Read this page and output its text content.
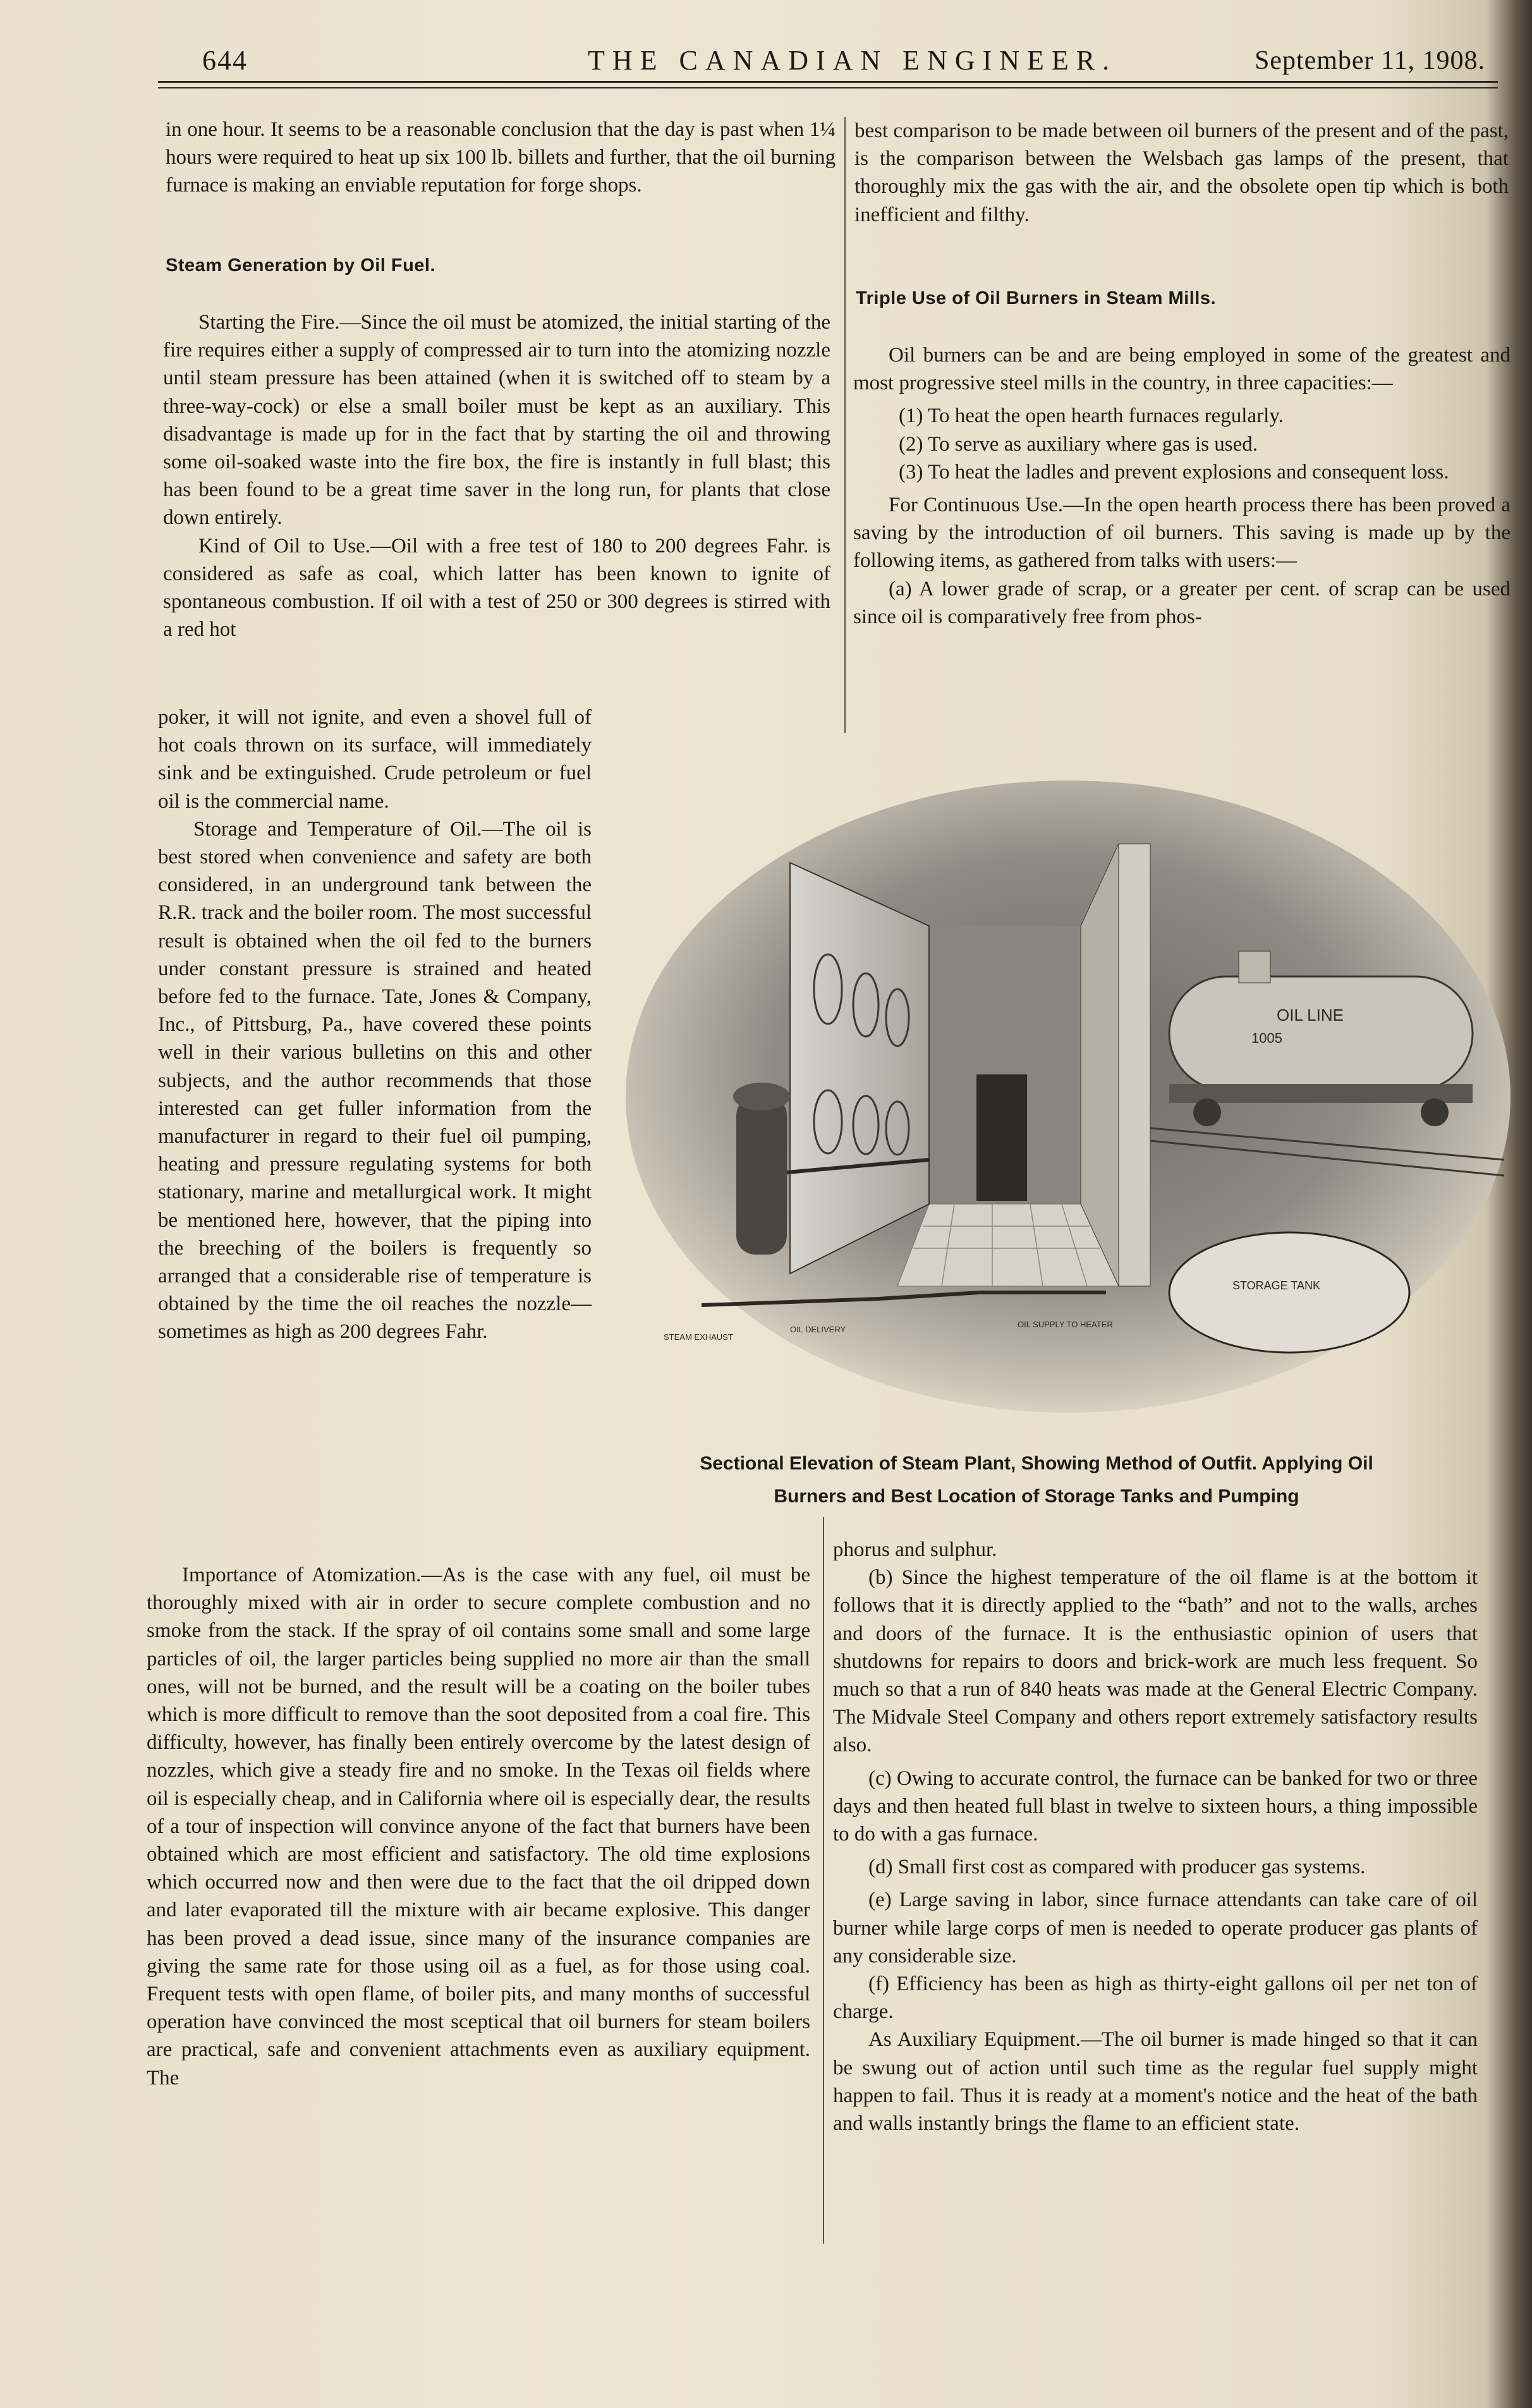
644	THE CANADIAN ENGINEER.	September 11, 1908.

in one hour. It seems to be a reasonable conclusion that the day is past when 1¼ hours were required to heat up six 100 lb. billets and further, that the oil burning furnace is making an enviable reputation for forge shops.

Steam Generation by Oil Fuel.

Starting the Fire.—Since the oil must be atomized, the initial starting of the fire requires either a supply of compressed air to turn into the atomizing nozzle until steam pressure has been attained (when it is switched off to steam by a three-way-cock) or else a small boiler must be kept as an auxiliary. This disadvantage is made up for in the fact that by starting the oil and throwing some oil-soaked waste into the fire box, the fire is instantly in full blast; this has been found to be a great time saver in the long run, for plants that close down entirely.

Kind of Oil to Use.—Oil with a free test of 180 to 200 degrees Fahr. is considered as safe as coal, which latter has been known to ignite of spontaneous combustion. If oil with a test of 250 or 300 degrees is stirred with a red hot

poker, it will not ignite, and even a shovel full of hot coals thrown on its surface, will immediately sink and be extinguished. Crude petroleum or fuel oil is the commercial name.

Storage and Temperature of Oil.—The oil is best stored when convenience and safety are both considered, in an underground tank between the R.R. track and the boiler room. The most successful result is obtained when the oil fed to the burners under constant pressure is strained and heated before fed to the furnace. Tate, Jones & Company, Inc., of Pittsburg, Pa., have covered these points well in their various bulletins on this and other subjects, and the author recommends that those interested can get fuller information from the manufacturer in regard to their fuel oil pumping, heating and pressure regulating systems for both stationary, marine and metallurgical work. It might be mentioned here, however, that the piping into the breeching of the boilers is frequently so arranged that a considerable rise of temperature is obtained by the time the oil reaches the nozzle—sometimes as high as 200 degrees Fahr.

Importance of Atomization.—As is the case with any fuel, oil must be thoroughly mixed with air in order to secure complete combustion and no smoke from the stack. If the spray of oil contains some small and some large particles of oil, the larger particles being supplied no more air than the small ones, will not be burned, and the result will be a coating on the boiler tubes which is more difficult to remove than the soot deposited from a coal fire. This difficulty, however, has finally been entirely overcome by the latest design of nozzles, which give a steady fire and no smoke. In the Texas oil fields where oil is especially cheap, and in California where oil is especially dear, the results of a tour of inspection will convince anyone of the fact that burners have been obtained which are most efficient and satisfactory. The old time explosions which occurred now and then were due to the fact that the oil dripped down and later evaporated till the mixture with air became explosive. This danger has been proved a dead issue, since many of the insurance companies are giving the same rate for those using oil as a fuel, as for those using coal. Frequent tests with open flame, of boiler pits, and many months of successful operation have convinced the most sceptical that oil burners for steam boilers are practical, safe and convenient attachments even as auxiliary equipment. The

best comparison to be made between oil burners of the present and of the past, is the comparison between the Welsbach gas lamps of the present, that thoroughly mix the gas with the air, and the obsolete open tip which is both inefficient and filthy.

Triple Use of Oil Burners in Steam Mills.

Oil burners can be and are being employed in some of the greatest and most progressive steel mills in the country, in three capacities:—

(1) To heat the open hearth furnaces regularly.

(2) To serve as auxiliary where gas is used.

(3) To heat the ladles and prevent explosions and consequent loss.

For Continuous Use.—In the open hearth process there has been proved a saving by the introduction of oil burners. This saving is made up by the following items, as gathered from talks with users:—

(a) A lower grade of scrap, or a greater per cent. of scrap can be used since oil is comparatively free from phos-

OIL LINE
1005
STORAGE TANK
STEAM EXHAUST
OIL DELIVERY
OIL SUPPLY TO HEATER
Sectional Elevation of Steam Plant, Showing Method of Outfit. Applying Oil
Burners and Best Location of Storage Tanks and Pumping

phorus and sulphur.

(b) Since the highest temperature of the oil flame is at the bottom it follows that it is directly applied to the “bath” and not to the walls, arches and doors of the furnace. It is the enthusiastic opinion of users that shutdowns for repairs to doors and brick-work are much less frequent. So much so that a run of 840 heats was made at the General Electric Company. The Midvale Steel Company and others report extremely satisfactory results also.

(c) Owing to accurate control, the furnace can be banked for two or three days and then heated full blast in twelve to sixteen hours, a thing impossible to do with a gas furnace.

(d) Small first cost as compared with producer gas systems.

(e) Large saving in labor, since furnace attendants can take care of oil burner while large corps of men is needed to operate producer gas plants of any considerable size.

(f) Efficiency has been as high as thirty-eight gallons oil per net ton of charge.

As Auxiliary Equipment.—The oil burner is made hinged so that it can be swung out of action until such time as the regular fuel supply might happen to fail. Thus it is ready at a moment's notice and the heat of the bath and walls instantly brings the flame to an efficient state.
